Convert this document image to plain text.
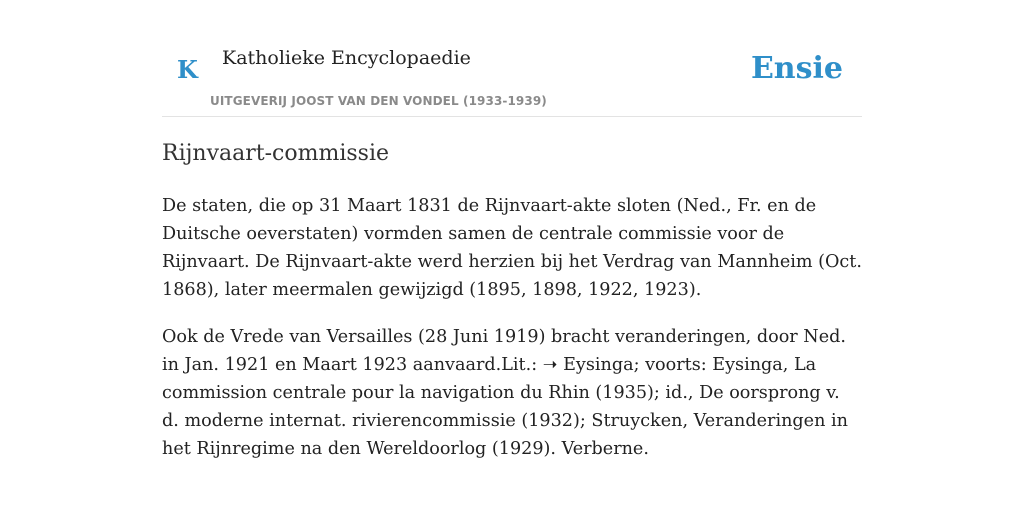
K Katholieke Encyclopaedie
UITGEVERIJ JOOST VAN DEN VONDEL (1933-1939)
Ensie
Rijnvaart-commissie

De staten, die op 31 Maart 1831 de Rijnvaart-akte sloten (Ned., Fr. en de Duitsche oeverstaten) vormden samen de centrale commissie voor de Rijnvaart. De Rijnvaart-akte werd herzien bij het Verdrag van Mannheim (Oct. 1868), later meermalen gewijzigd (1895, 1898, 1922, 1923).

Ook de Vrede van Versailles (28 Juni 1919) bracht veranderingen, door Ned. in Jan. 1921 en Maart 1923 aanvaard.Lit.: ➝ Eysinga; voorts: Eysinga, La commission centrale pour la navigation du Rhin (1935); id., De oorsprong v. d. moderne internat. rivierencommissie (1932); Struycken, Veranderingen in het Rijnregime na den Wereldoorlog (1929). Verberne.
